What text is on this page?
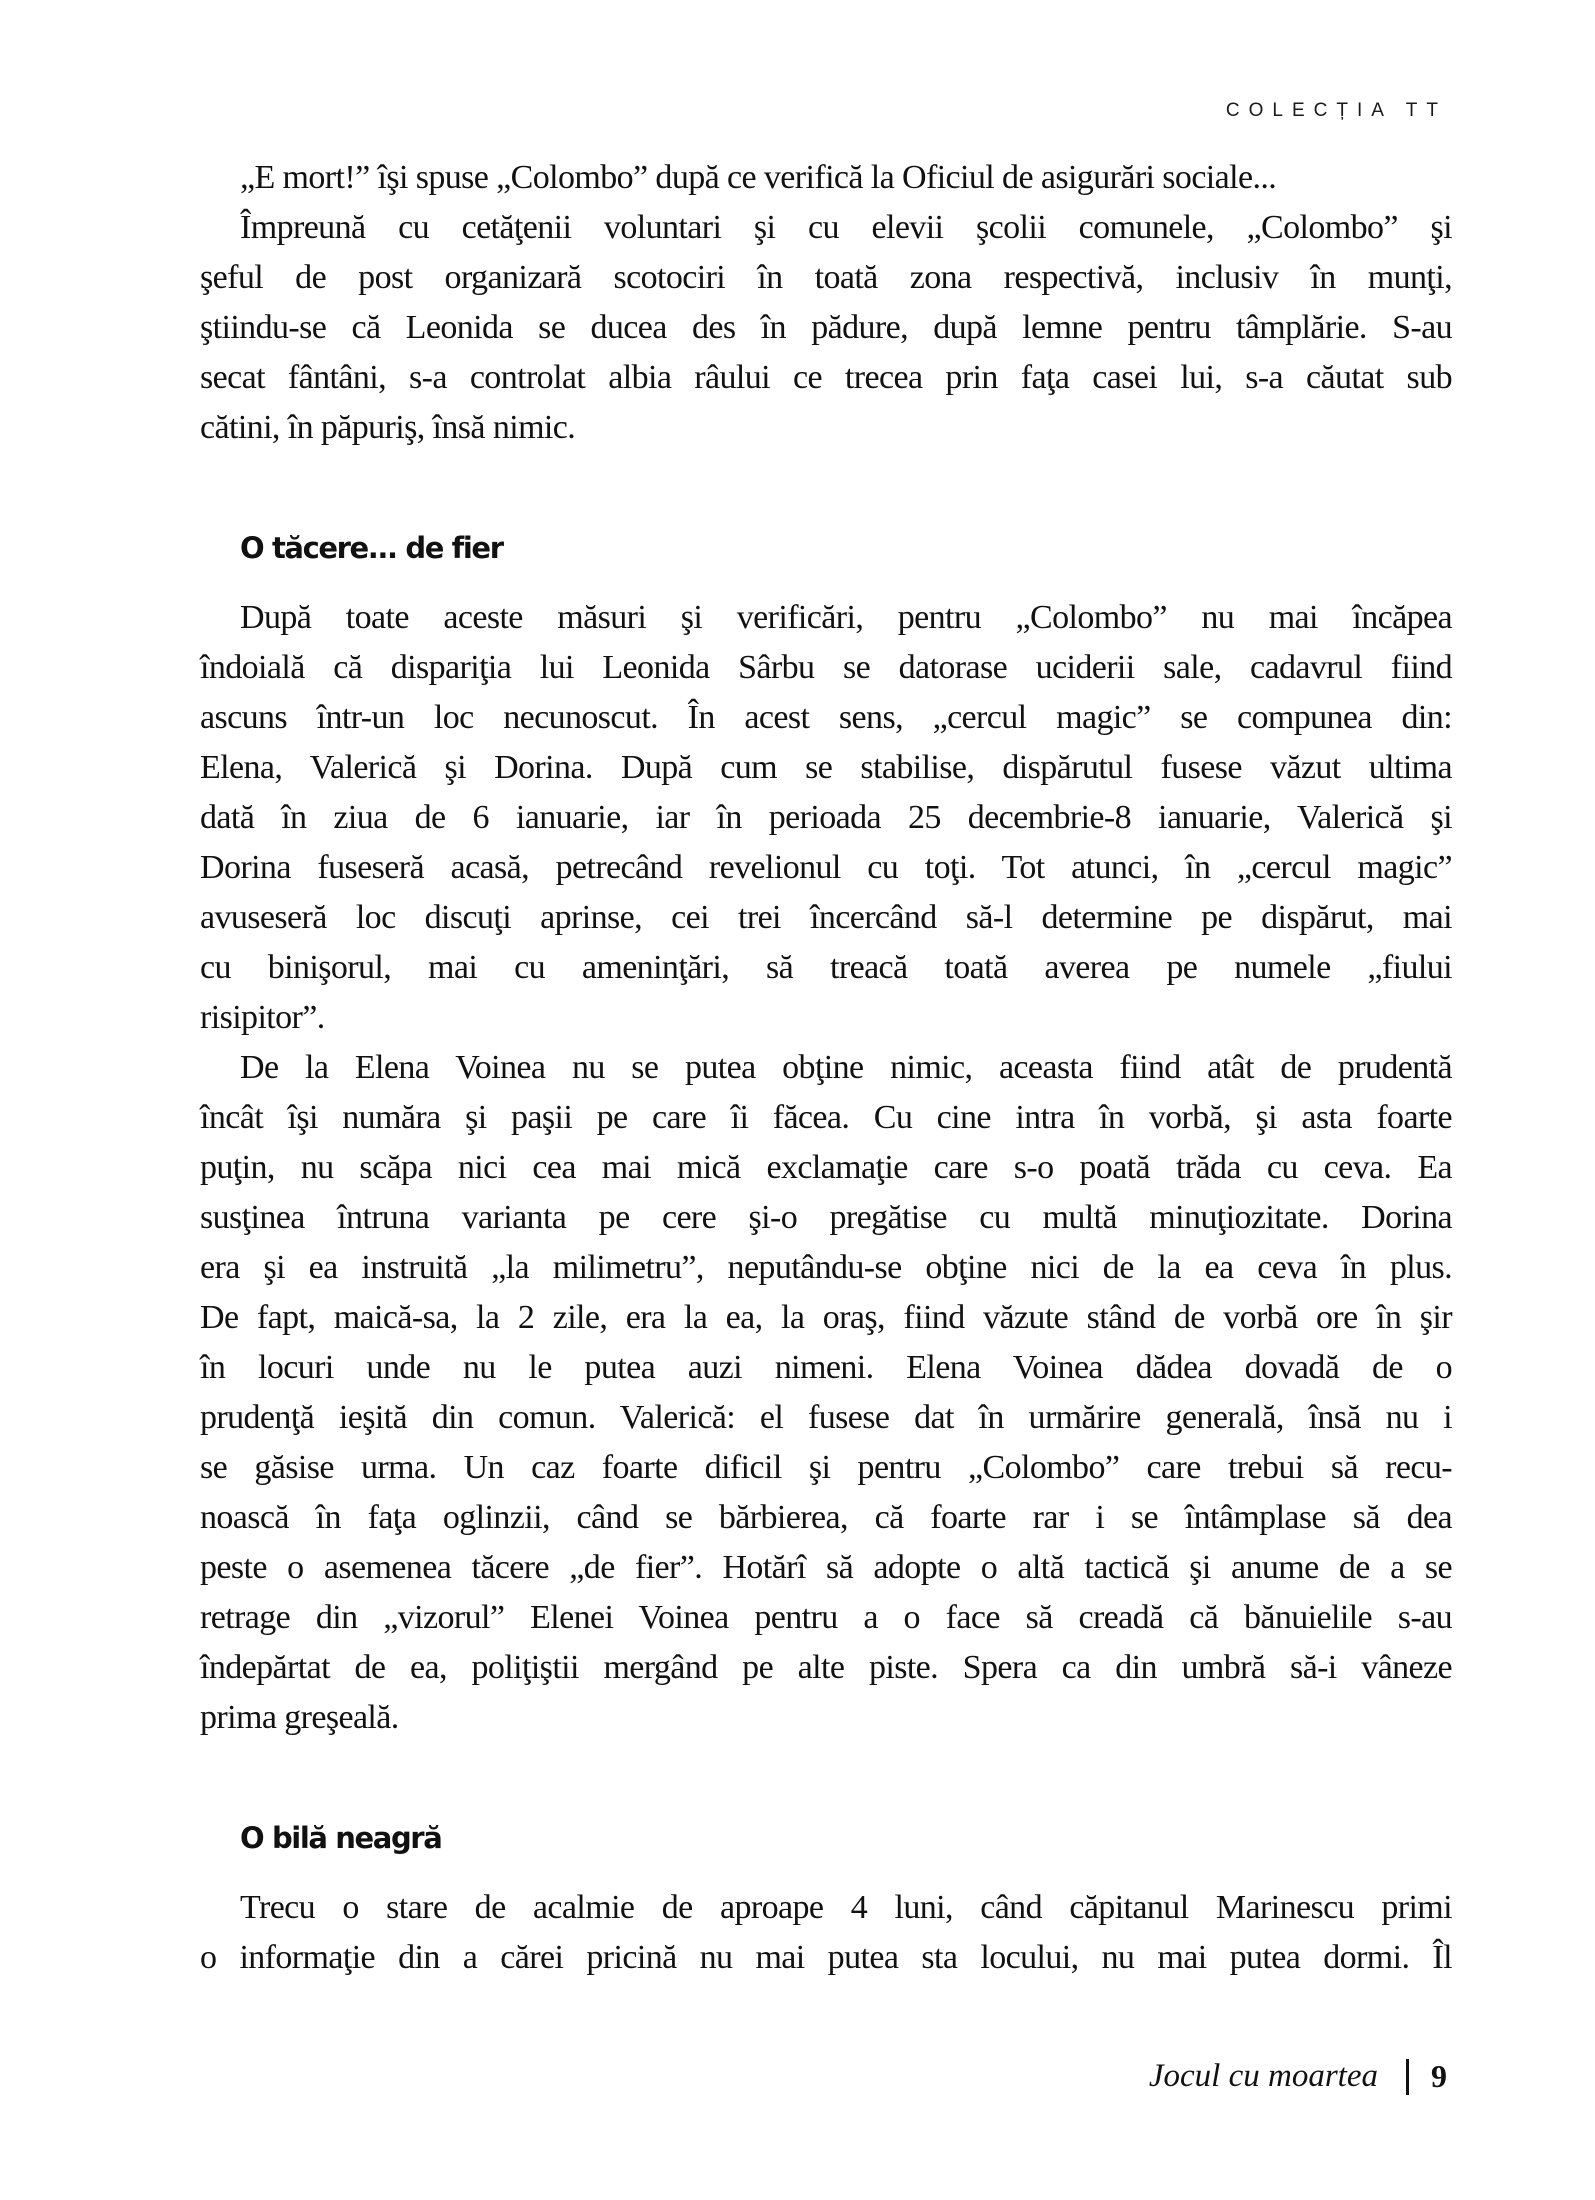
COLECȚIA TT
„E mort!” îşi spuse „Colombo” după ce verifică la Oficiul de asigurări sociale...
Împreună cu cetăţenii voluntari şi cu elevii şcolii comunele, „Colombo” şi
şeful de post organizară scotociri în toată zona respectivă, inclusiv în munţi,
ştiindu-se că Leonida se ducea des în pădure, după lemne pentru tâmplărie. S-au
secat fântâni, s-a controlat albia râului ce trecea prin faţa casei lui, s-a căutat sub
cătini, în păpuriş, însă nimic.
O tăcere... de fier
După toate aceste măsuri şi verificări, pentru „Colombo” nu mai încăpea
îndoială că dispariţia lui Leonida Sârbu se datorase uciderii sale, cadavrul fiind
ascuns într-un loc necunoscut. În acest sens, „cercul magic” se compunea din:
Elena, Valerică şi Dorina. După cum se stabilise, dispărutul fusese văzut ultima
dată în ziua de 6 ianuarie, iar în perioada 25 decembrie-8 ianuarie, Valerică şi
Dorina fuseseră acasă, petrecând revelionul cu toţi. Tot atunci, în „cercul magic”
avuseseră loc discuţi aprinse, cei trei încercând să-l determine pe dispărut, mai
cu binişorul, mai cu ameninţări, să treacă toată averea pe numele „fiului
risipitor”.
De la Elena Voinea nu se putea obţine nimic, aceasta fiind atât de prudentă
încât îşi număra şi paşii pe care îi făcea. Cu cine intra în vorbă, şi asta foarte
puţin, nu scăpa nici cea mai mică exclamaţie care s-o poată trăda cu ceva. Ea
susţinea întruna varianta pe cere şi-o pregătise cu multă minuţiozitate. Dorina
era şi ea instruită „la milimetru”, neputându-se obţine nici de la ea ceva în plus.
De fapt, maică-sa, la 2 zile, era la ea, la oraş, fiind văzute stând de vorbă ore în şir
în locuri unde nu le putea auzi nimeni. Elena Voinea dădea dovadă de o
prudenţă ieşită din comun. Valerică: el fusese dat în urmărire generală, însă nu i
se găsise urma. Un caz foarte dificil şi pentru „Colombo” care trebui să recu-
noască în faţa oglinzii, când se bărbierea, că foarte rar i se întâmplase să dea
peste o asemenea tăcere „de fier”. Hotărî să adopte o altă tactică şi anume de a se
retrage din „vizorul” Elenei Voinea pentru a o face să creadă că bănuielile s-au
îndepărtat de ea, poliţiştii mergând pe alte piste. Spera ca din umbră să-i vâneze
prima greşeală.
O bilă neagră
Trecu o stare de acalmie de aproape 4 luni, când căpitanul Marinescu primi
o informaţie din a cărei pricină nu mai putea sta locului, nu mai putea dormi. Îl
Jocul cu moartea 9
